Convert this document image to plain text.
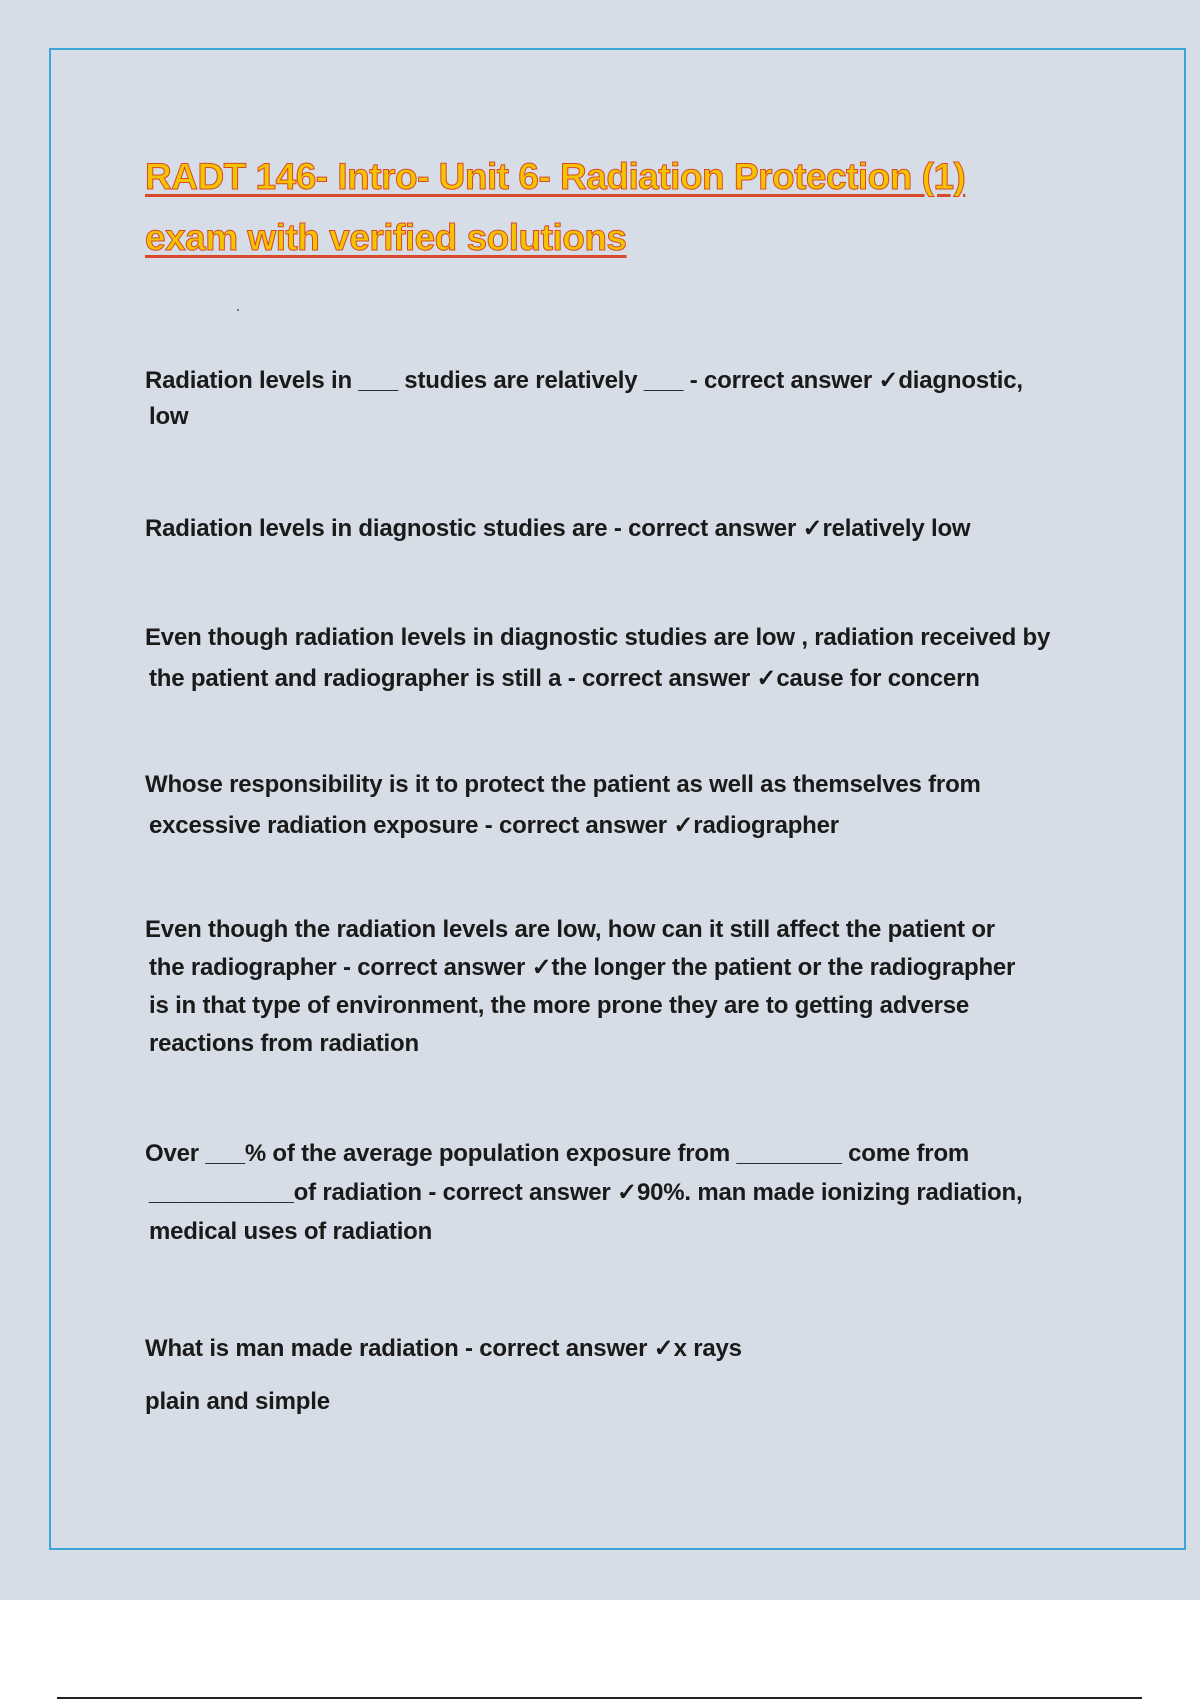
RADT 146- Intro- Unit 6- Radiation Protection (1)
exam with verified solutions
Radiation levels in ___ studies are relatively ___ - correct answer ✓diagnostic,
low
Radiation levels in diagnostic studies are - correct answer ✓relatively low
Even though radiation levels in diagnostic studies are low , radiation received by
the patient and radiographer is still a - correct answer ✓cause for concern
Whose responsibility is it to protect the patient as well as themselves from
excessive radiation exposure - correct answer ✓radiographer
Even though the radiation levels are low, how can it still affect the patient or
the radiographer - correct answer ✓the longer the patient or the radiographer
is in that type of environment, the more prone they are to getting adverse
reactions from radiation
Over ___% of the average population exposure from ________ come from
___________of radiation - correct answer ✓90%. man made ionizing radiation,
medical uses of radiation
What is man made radiation - correct answer ✓x rays
plain and simple
